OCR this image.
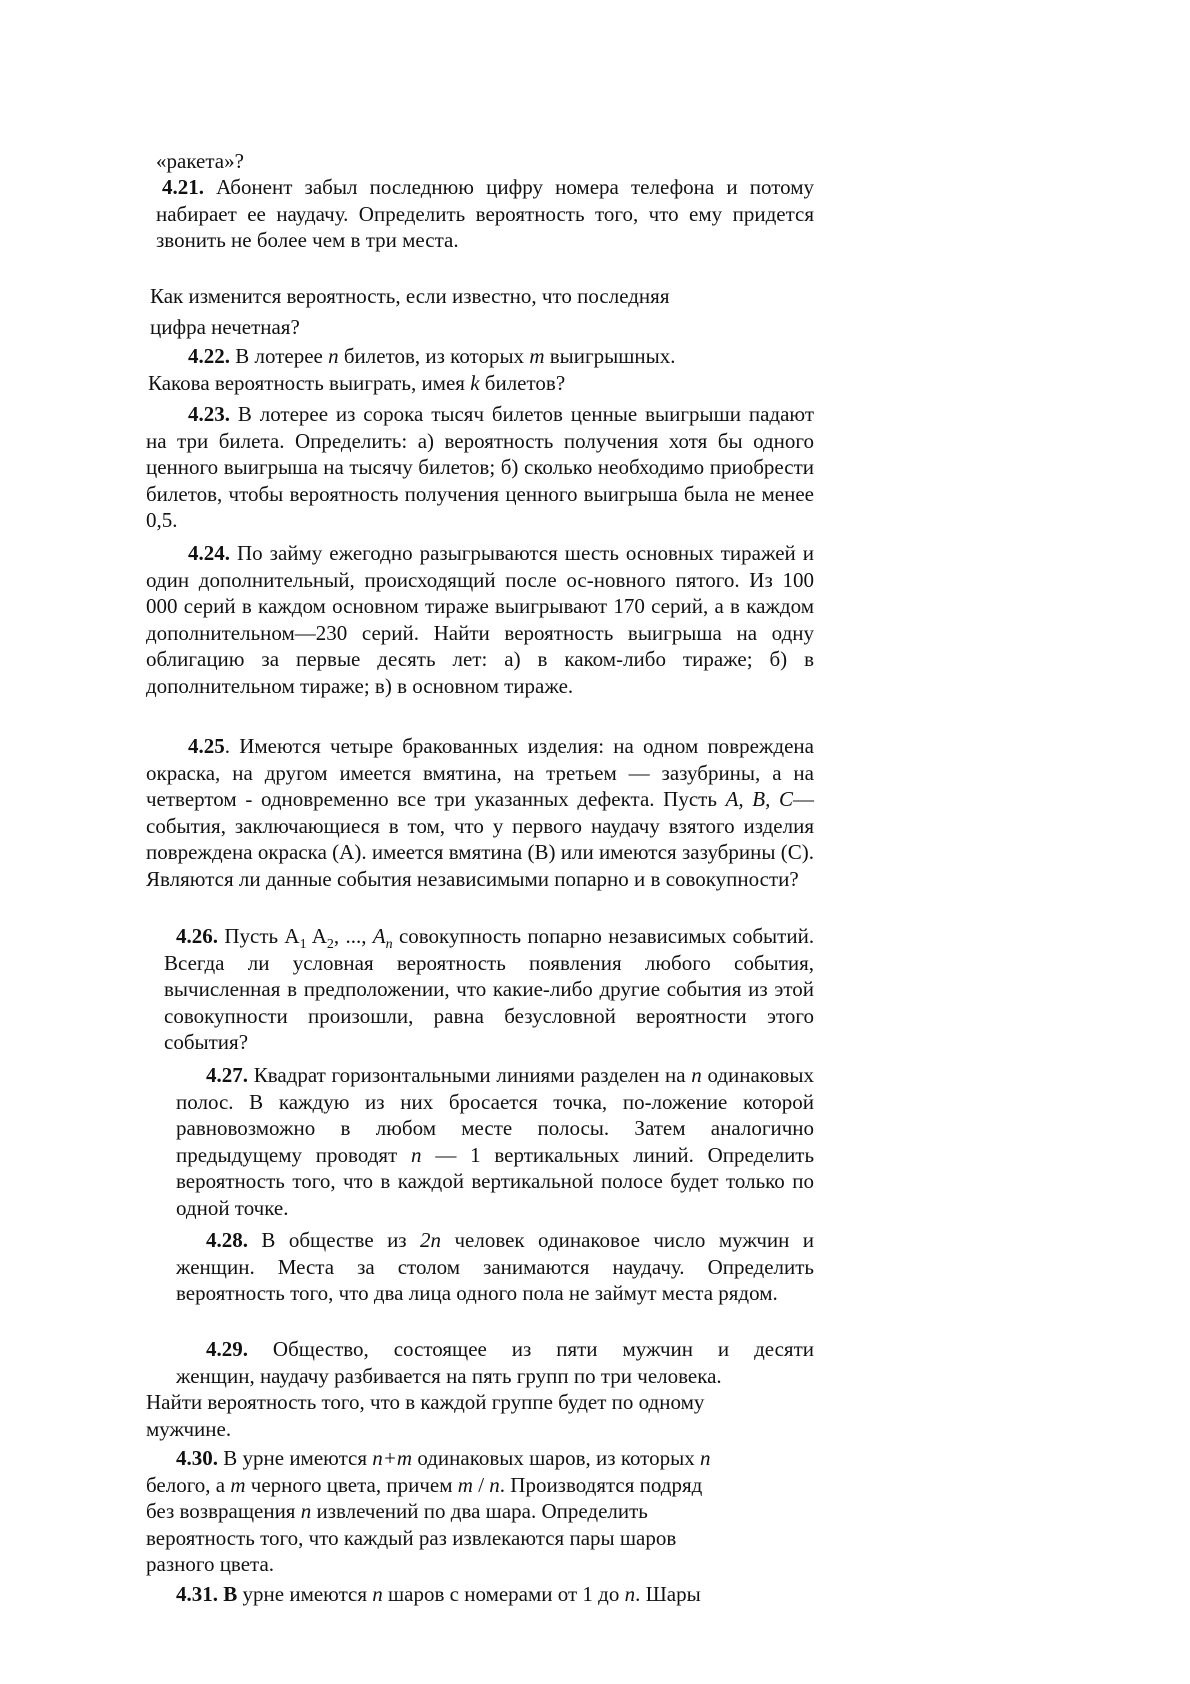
«ракета»?

4.21. Абонент забыл последнюю цифру номера телефона и потому набирает ее наудачу. Определить вероятность того, что ему придется звонить не более чем в три места.

Как изменится вероятность, если известно, что последняя
цифра нечетная?
4.22. В лотерее n билетов, из которых m выигрышных.
Какова вероятность выиграть, имея k билетов?

4.23. В лотерее из сорока тысяч билетов ценные выигрыши падают на три билета. Определить: а) вероятность получения хотя бы одного ценного выигрыша на тысячу билетов; б) сколько необходимо приобрести билетов, чтобы вероятность получения ценного выигрыша была не менее 0,5.

4.24. По займу ежегодно разыгрываются шесть основных тиражей и один дополнительный, происходящий после ос-новного пятого. Из 100 000 серий в каждом основном тираже выигрывают 170 серий, а в каждом дополнительном—230 серий. Найти вероятность выигрыша на одну облигацию за первые десять лет: а) в каком-либо тираже; б) в дополнительном тираже; в) в основном тираже.

4.25. Имеются четыре бракованных изделия: на одном повреждена окраска, на другом имеется вмятина, на третьем — зазубрины, а на четвертом - одновременно все три указанных дефекта. Пусть А, В, С—события, заключающиеся в том, что у первого наудачу взятого изделия повреждена окраска (А). имеется вмятина (В) или имеются зазубрины (С). Являются ли данные события независимыми попарно и в совокупности?

4.26. Пусть $A_1$ $A_2$, ..., $А_n$ совокупность попарно независимых событий. Всегда ли условная вероятность появления любого события, вычисленная в предположении, что какие-либо другие события из этой совокупности произошли, равна безусловной вероятности этого события?

4.27. Квадрат горизонтальными линиями разделен на n одинаковых полос. В каждую из них бросается точка, по-ложение которой равновозможно в любом месте полосы. Затем аналогично предыдущему проводят n — 1 вертикальных линий. Определить вероятность того, что в каждой вертикальной полосе будет только по одной точке.

4.28. В обществе из 2n человек одинаковое число мужчин и женщин. Места за столом занимаются наудачу. Определить вероятность того, что два лица одного пола не займут места рядом.

4.29. Общество, состоящее из пяти мужчин и десяти
женщин, наудачу разбивается на пять групп по три человека.
Найти вероятность того, что в каждой группе будет по одному
мужчине.
4.30. В урне имеются n+m одинаковых шаров, из которых n
белого, а m черного цвета, причем m / n. Производятся подряд
без возвращения n извлечений по два шара. Определить
вероятность того, что каждый раз извлекаются пары шаров
разного цвета.
4.31. В урне имеются n шаров с номерами от 1 до n. Шары
